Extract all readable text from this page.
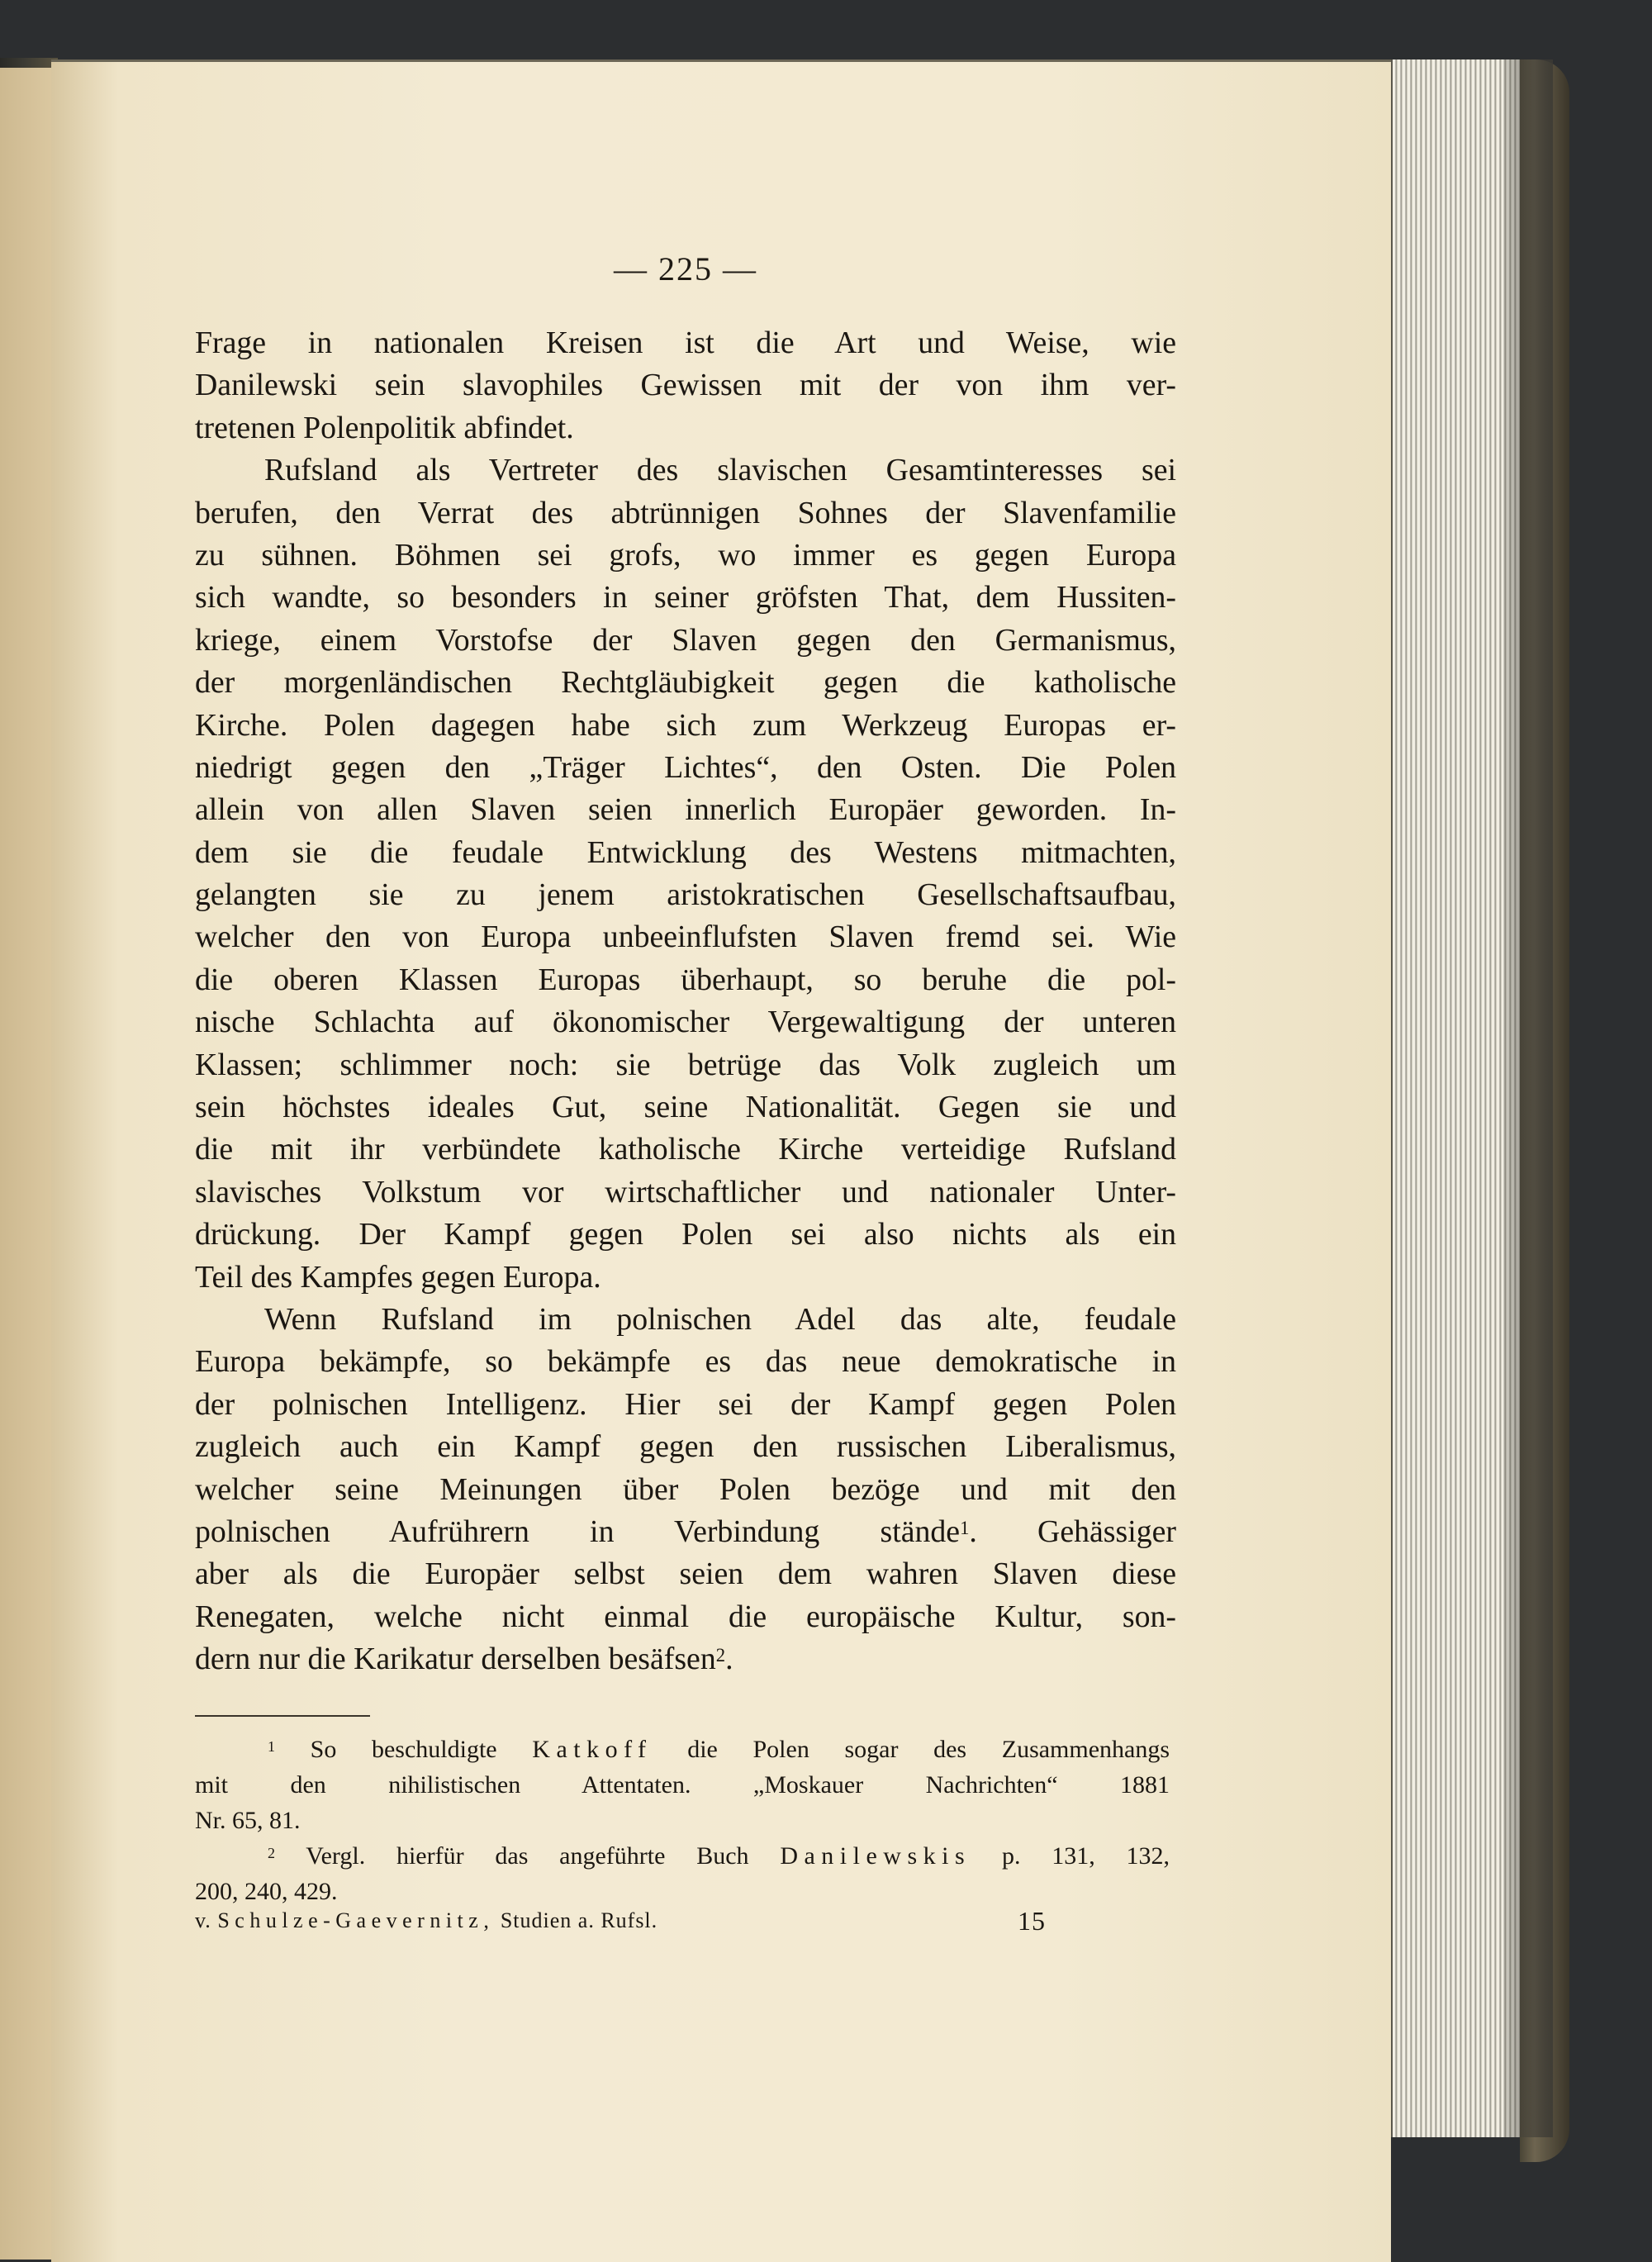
— 225 —
Frage in nationalen Kreisen ist die Art und Weise, wie
Danilewski sein slavophiles Gewissen mit der von ihm ver-
tretenen Polenpolitik abfindet.
Rufsland als Vertreter des slavischen Gesamtinteresses sei
berufen, den Verrat des abtrünnigen Sohnes der Slavenfamilie
zu sühnen. Böhmen sei grofs, wo immer es gegen Europa
sich wandte, so besonders in seiner gröfsten That, dem Hussiten-
kriege, einem Vorstofse der Slaven gegen den Germanismus,
der morgenländischen Rechtgläubigkeit gegen die katholische
Kirche. Polen dagegen habe sich zum Werkzeug Europas er-
niedrigt gegen den „Träger Lichtes“, den Osten. Die Polen
allein von allen Slaven seien innerlich Europäer geworden. In-
dem sie die feudale Entwicklung des Westens mitmachten,
gelangten sie zu jenem aristokratischen Gesellschaftsaufbau,
welcher den von Europa unbeeinflufsten Slaven fremd sei. Wie
die oberen Klassen Europas überhaupt, so beruhe die pol-
nische Schlachta auf ökonomischer Vergewaltigung der unteren
Klassen; schlimmer noch: sie betrüge das Volk zugleich um
sein höchstes ideales Gut, seine Nationalität. Gegen sie und
die mit ihr verbündete katholische Kirche verteidige Rufsland
slavisches Volkstum vor wirtschaftlicher und nationaler Unter-
drückung. Der Kampf gegen Polen sei also nichts als ein
Teil des Kampfes gegen Europa.
Wenn Rufsland im polnischen Adel das alte, feudale
Europa bekämpfe, so bekämpfe es das neue demokratische in
der polnischen Intelligenz. Hier sei der Kampf gegen Polen
zugleich auch ein Kampf gegen den russischen Liberalismus,
welcher seine Meinungen über Polen bezöge und mit den
polnischen Aufrührern in Verbindung stände$^1$. Gehässiger
aber als die Europäer selbst seien dem wahren Slaven diese
Renegaten, welche nicht einmal die europäische Kultur, son-
dern nur die Karikatur derselben besäfsen$^2$.
$^1$ So beschuldigte Katkoff die Polen sogar des Zusammenhangs
mit den nihilistischen Attentaten. „Moskauer Nachrichten“ 1881
Nr. 65, 81.
$^2$ Vergl. hierfür das angeführte Buch Danilewskis p. 131, 132,
200, 240, 429.
v. Schulze-Gaevernitz, Studien a. Rufsl.	15
